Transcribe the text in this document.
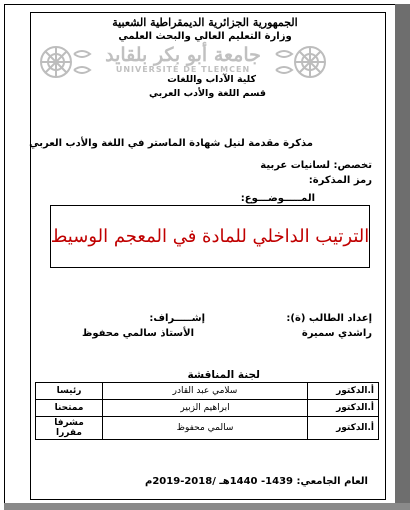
الجمهورية الجزائرية الديمقراطية الشعبية
وزارة التعليم العالي والبحث العلمي
جامعة أبو بكر بلقايد
UNIVERSITÉ DE TLEMCEN
كلية الآداب واللغات
قسم اللغة والأدب العربي
مذكرة مقدمة لنيل شهادة الماستر في اللغة والأدب العربي
تخصص: لسانيات عربية
رمز المذكرة:
المـــــوضـــوع:
الترتيب الداخلي للمادة في المعجم الوسيط
إعداد الطالب (ة):
راشدي سميرة
إشـــــراف:
الأستاذ سالمي محفوظ
لجنة المناقشة
أ.الدكتور	سلامي عبد القادر	رئيسا
أ.الدكتور	ابراهيم الزبير	ممتحنا
أ.الدكتور	سالمي محفوظ	مشرفا مقررا
العام الجامعي: 1439- 1440هـ /2018-2019م
